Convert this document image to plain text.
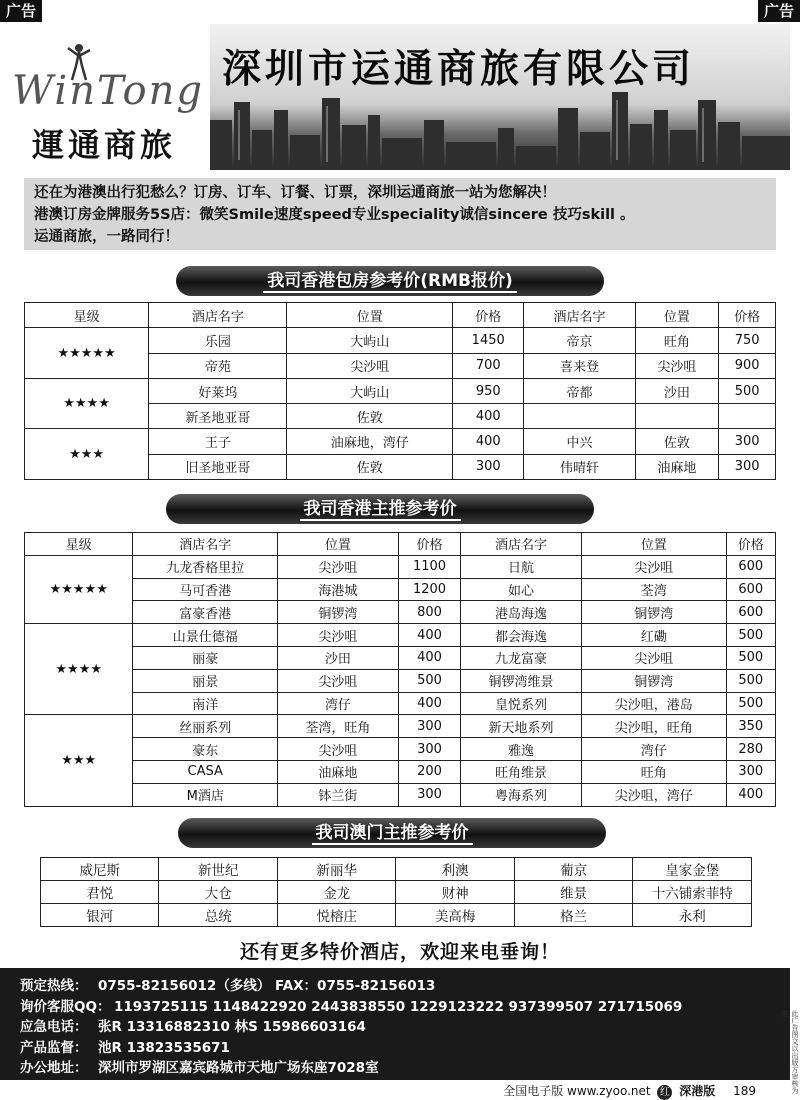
广告	广告
WinTong
運通商旅
深圳市运通商旅有限公司
还在为港澳出行犯愁么？订房、订车、订餐、订票，深圳运通商旅一站为您解决！
港澳订房金牌服务5S店：微笑Smile速度speed专业speciality诚信sincere 技巧skill 。
运通商旅，一路同行！
我司香港包房参考价(RMB报价)
星级	酒店名字	位置	价格	酒店名字	位置	价格
★★★★★	乐园	大屿山	1450	帝京	旺角	750
	帝苑	尖沙咀	700	喜来登	尖沙咀	900
★★★★	好莱坞	大屿山	950	帝都	沙田	500
	新圣地亚哥	佐敦	400			
★★★	王子	油麻地，湾仔	400	中兴	佐敦	300
	旧圣地亚哥	佐敦	300	伟晴轩	油麻地	300
我司香港主推参考价
星级	酒店名字	位置	价格	酒店名字	位置	价格
★★★★★	九龙香格里拉	尖沙咀	1100	日航	尖沙咀	600
	马可香港	海港城	1200	如心	荃湾	600
	富豪香港	铜锣湾	800	港岛海逸	铜锣湾	600
★★★★	山景仕德福	尖沙咀	400	都会海逸	红磡	500
	丽豪	沙田	400	九龙富豪	尖沙咀	500
	丽景	尖沙咀	500	铜锣湾维景	铜锣湾	500
	南洋	湾仔	400	皇悦系列	尖沙咀，港岛	500
★★★	丝丽系列	荃湾，旺角	300	新天地系列	尖沙咀，旺角	350
	豪东	尖沙咀	300	雅逸	湾仔	280
	CASA	油麻地	200	旺角维景	旺角	300
	M酒店	钵兰街	300	粤海系列	尖沙咀，湾仔	400
我司澳门主推参考价
威尼斯	新世纪	新丽华	利澳	葡京	皇家金堡
君悦	大仓	金龙	财神	维景	十六铺索菲特
银河	总统	悦榕庄	美高梅	格兰	永利
还有更多特价酒店，欢迎来电垂询！
预定热线： 0755-82156012（多线） FAX：0755-82156013
询价客服QQ： 1193725115 1148422920 2443838550 1229123222 937399507 271715069
应急电话： 张R 13316882310 林S 15986603164
产品监督： 池R 13823535671
办公地址： 深圳市罗湖区嘉宾路城市天地广场东座7028室
全国电子版 www.zyoo.net 红 深港版 189	此广告图文以出版方审核为准
